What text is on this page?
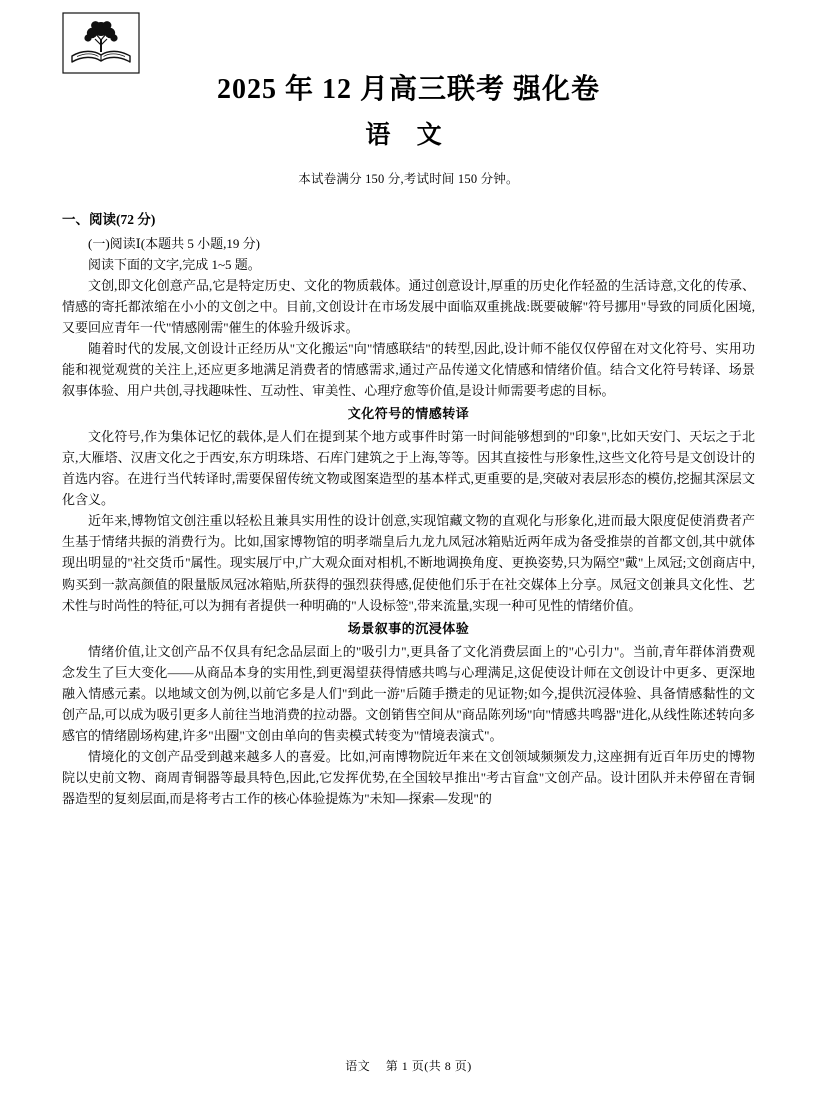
2025 年 12 月高三联考 强化卷
语 文
本试卷满分 150 分,考试时间 150 分钟。
一、阅读(72 分)

(一)阅读Ⅰ(本题共 5 小题,19 分)

阅读下面的文字,完成 1~5 题。

文创,即文化创意产品,它是特定历史、文化的物质载体。通过创意设计,厚重的历史化作轻盈的生活诗意,文化的传承、情感的寄托都浓缩在小小的文创之中。目前,文创设计在市场发展中面临双重挑战:既要破解"符号挪用"导致的同质化困境,又要回应青年一代"情感刚需"催生的体验升级诉求。

随着时代的发展,文创设计正经历从"文化搬运"向"情感联结"的转型,因此,设计师不能仅仅停留在对文化符号、实用功能和视觉观赏的关注上,还应更多地满足消费者的情感需求,通过产品传递文化情感和情绪价值。结合文化符号转译、场景叙事体验、用户共创,寻找趣味性、互动性、审美性、心理疗愈等价值,是设计师需要考虑的目标。

文化符号的情感转译

文化符号,作为集体记忆的载体,是人们在提到某个地方或事件时第一时间能够想到的"印象",比如天安门、天坛之于北京,大雁塔、汉唐文化之于西安,东方明珠塔、石库门建筑之于上海,等等。因其直接性与形象性,这些文化符号是文创设计的首选内容。在进行当代转译时,需要保留传统文物或图案造型的基本样式,更重要的是,突破对表层形态的模仿,挖掘其深层文化含义。

近年来,博物馆文创注重以轻松且兼具实用性的设计创意,实现馆藏文物的直观化与形象化,进而最大限度促使消费者产生基于情绪共振的消费行为。比如,国家博物馆的明孝端皇后九龙九凤冠冰箱贴近两年成为备受推崇的首都文创,其中就体现出明显的"社交货币"属性。现实展厅中,广大观众面对相机,不断地调换角度、更换姿势,只为隔空"戴"上凤冠;文创商店中,购买到一款高颜值的限量版凤冠冰箱贴,所获得的强烈获得感,促使他们乐于在社交媒体上分享。凤冠文创兼具文化性、艺术性与时尚性的特征,可以为拥有者提供一种明确的"人设标签",带来流量,实现一种可见性的情绪价值。

场景叙事的沉浸体验

情绪价值,让文创产品不仅具有纪念品层面上的"吸引力",更具备了文化消费层面上的"心引力"。当前,青年群体消费观念发生了巨大变化——从商品本身的实用性,到更渴望获得情感共鸣与心理满足,这促使设计师在文创设计中更多、更深地融入情感元素。以地域文创为例,以前它多是人们"到此一游"后随手攒走的见证物;如今,提供沉浸体验、具备情感黏性的文创产品,可以成为吸引更多人前往当地消费的拉动器。文创销售空间从"商品陈列场"向"情感共鸣器"进化,从线性陈述转向多感官的情绪剧场构建,许多"出圈"文创由单向的售卖模式转变为"情境表演式"。

情境化的文创产品受到越来越多人的喜爱。比如,河南博物院近年来在文创领域频频发力,这座拥有近百年历史的博物院以史前文物、商周青铜器等最具特色,因此,它发挥优势,在全国较早推出"考古盲盒"文创产品。设计团队并未停留在青铜器造型的复刻层面,而是将考古工作的核心体验提炼为"未知—探索—发现"的

语文 第 1 页(共 8 页)
